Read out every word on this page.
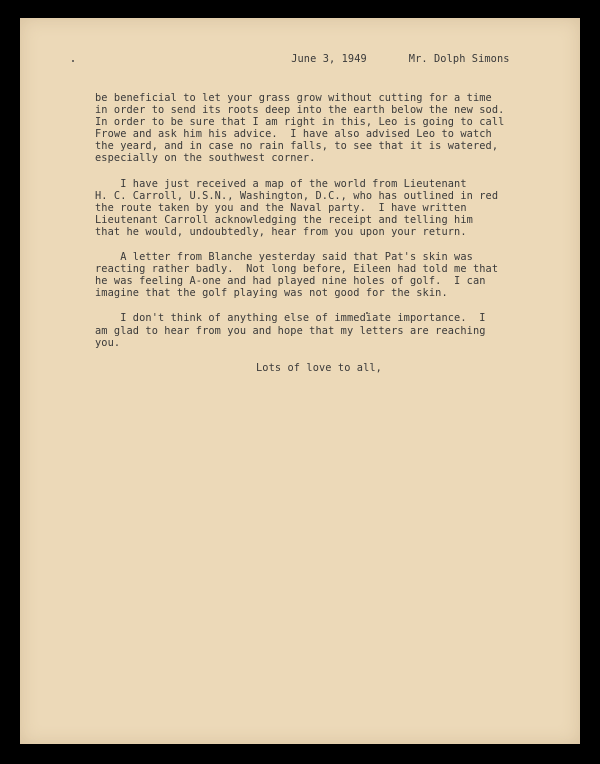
June 3, 1949	Mr. Dolph Simons

be beneficial to let your grass grow without cutting for a time
in order to send its roots deep into the earth below the new sod.
In order to be sure that I am right in this, Leo is going to call
Frowe and ask him his advice.  I have also advised Leo to watch
the yeard, and in case no rain falls, to see that it is watered,
especially on the southwest corner.
I have just received a map of the world from Lieutenant
H. C. Carroll, U.S.N., Washington, D.C., who has outlined in red
the route taken by you and the Naval party.  I have written
Lieutenant Carroll acknowledging the receipt and telling him
that he would, undoubtedly, hear from you upon your return.
A letter from Blanche yesterday said that Pat's skin was
reacting rather badly.  Not long before, Eileen had told me that
he was feeling A-one and had played nine holes of golf.  I can
imagine that the golf playing was not good for the skin.
I don't think of anything else of immediate importance.  I
am glad to hear from you and hope that my letters are reaching
you.
Lots of love to all,
